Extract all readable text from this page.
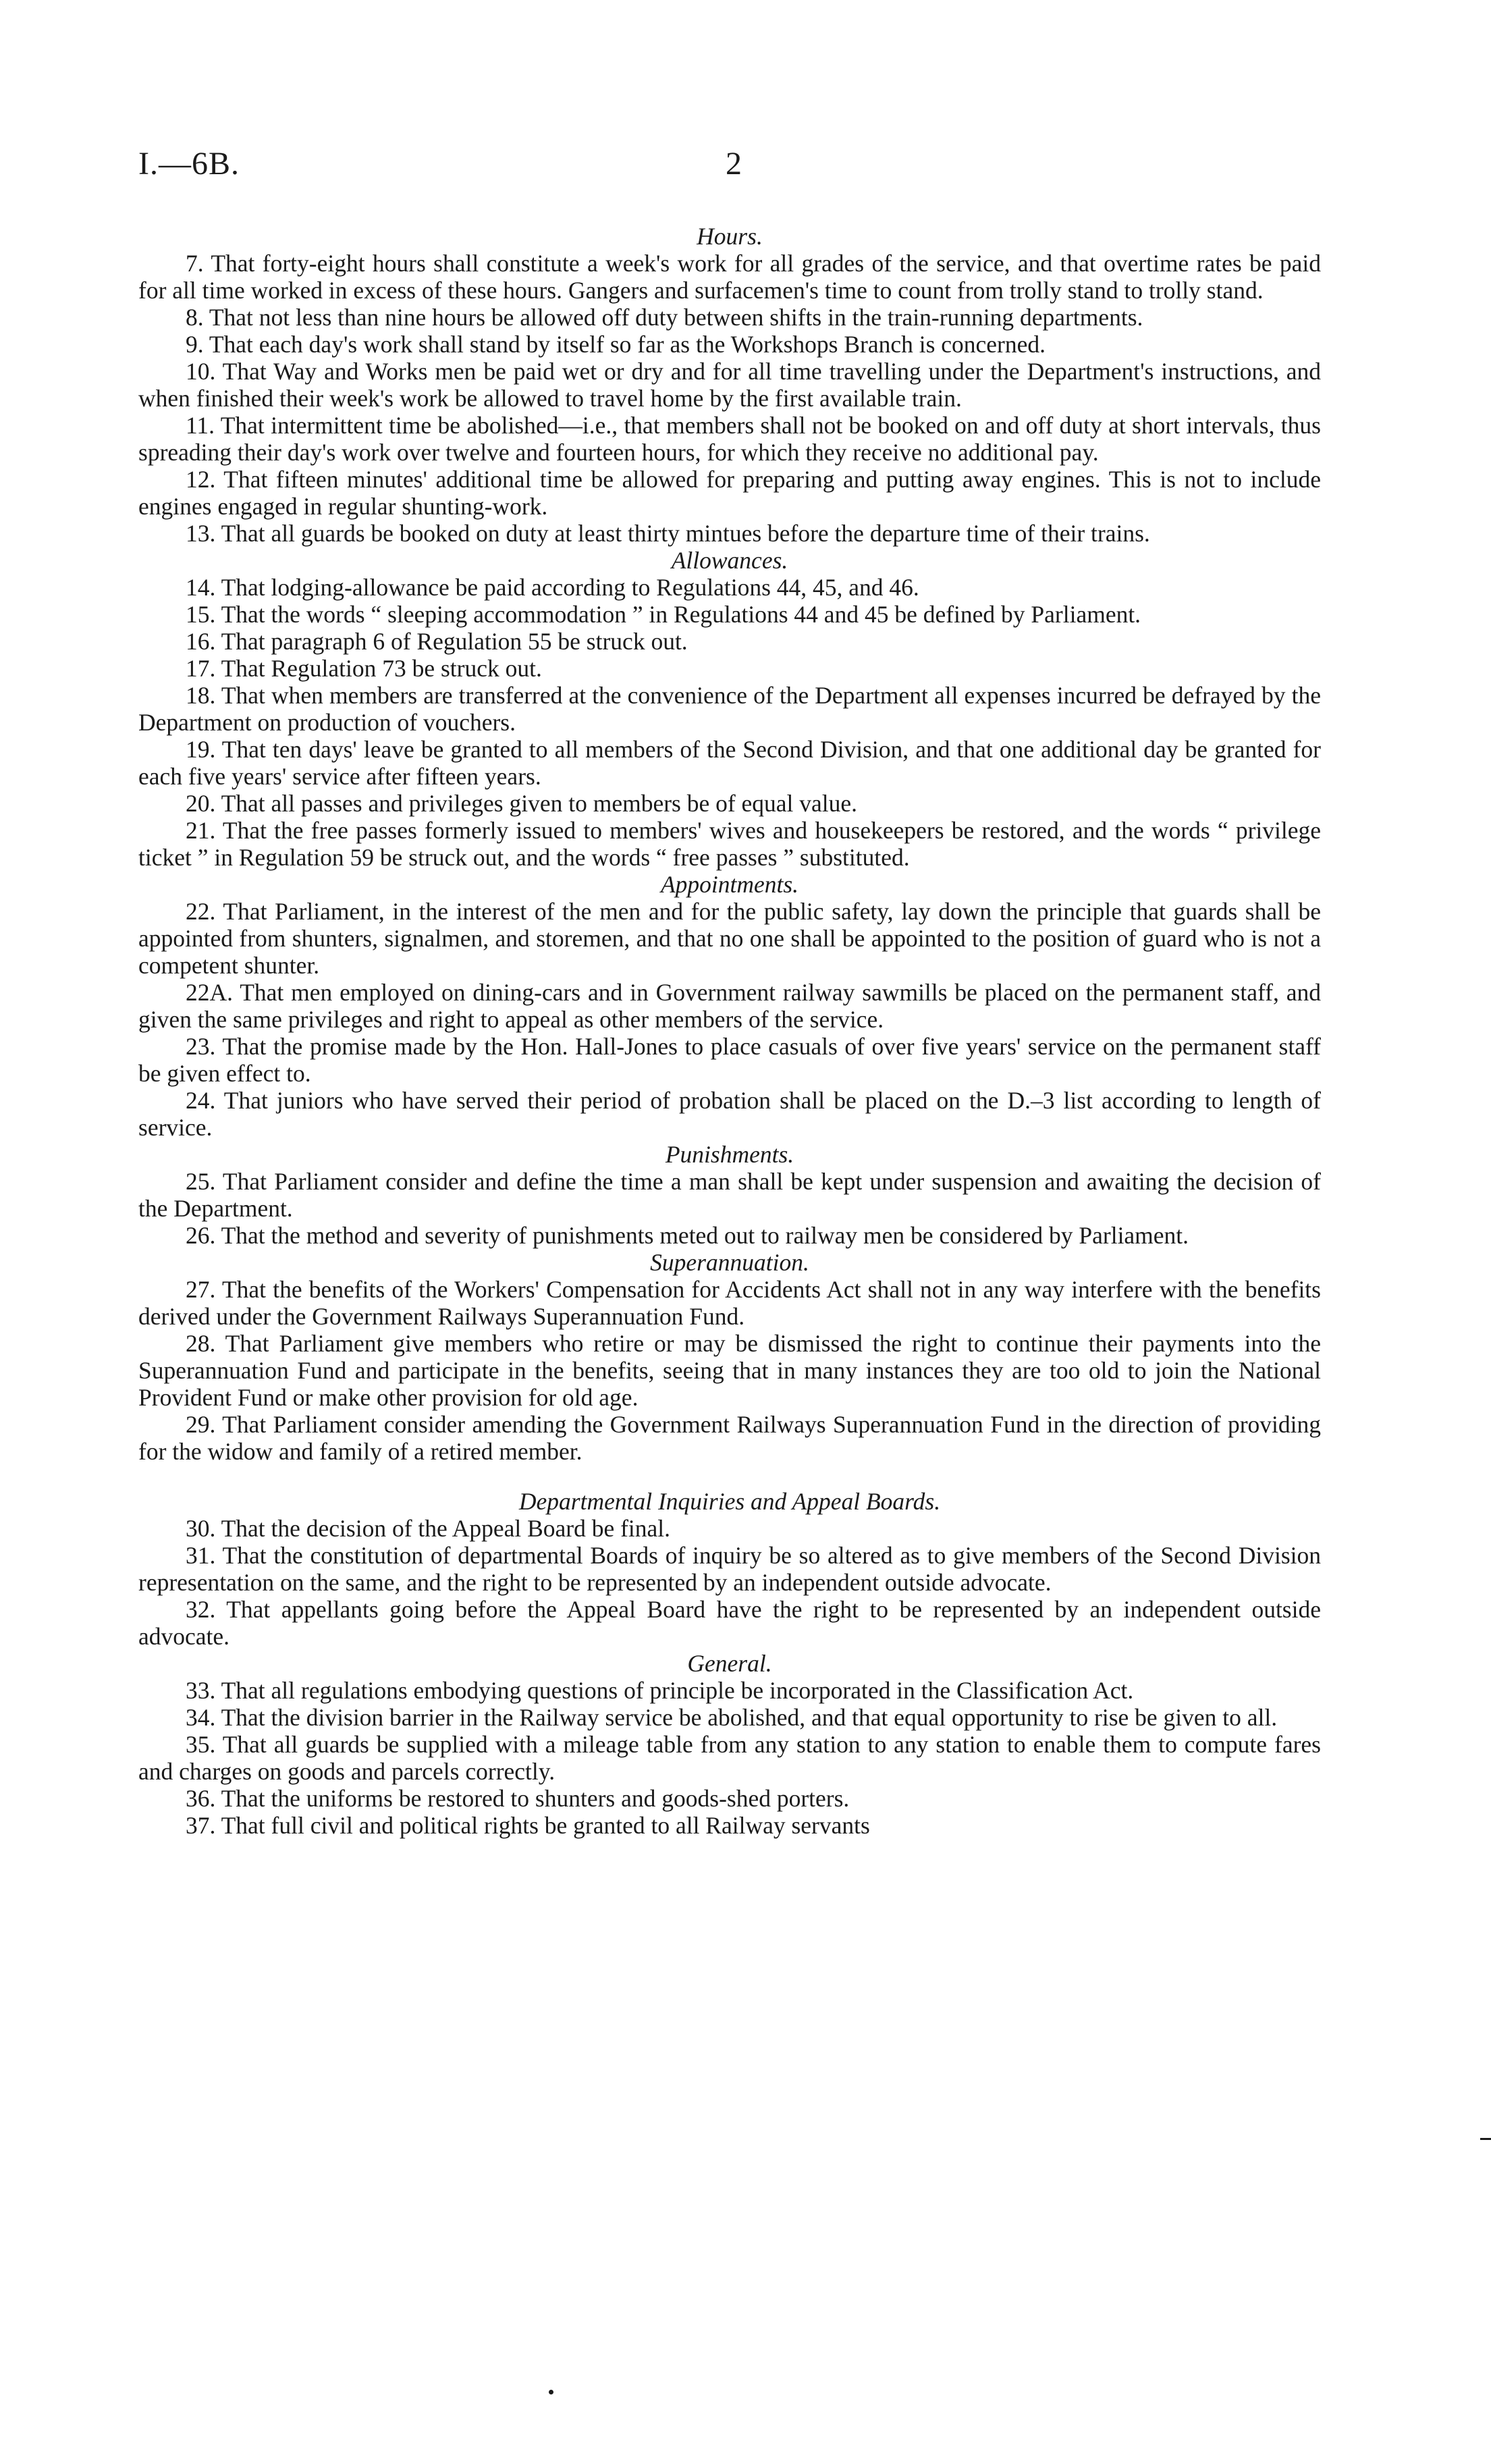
I.—6B.	2

Hours.

7. That forty-eight hours shall constitute a week's work for all grades of the service, and that overtime rates be paid for all time worked in excess of these hours. Gangers and surfacemen's time to count from trolly stand to trolly stand.

8. That not less than nine hours be allowed off duty between shifts in the train-running departments.

9. That each day's work shall stand by itself so far as the Workshops Branch is concerned.

10. That Way and Works men be paid wet or dry and for all time travelling under the Department's instructions, and when finished their week's work be allowed to travel home by the first available train.

11. That intermittent time be abolished—i.e., that members shall not be booked on and off duty at short intervals, thus spreading their day's work over twelve and fourteen hours, for which they receive no additional pay.

12. That fifteen minutes' additional time be allowed for preparing and putting away engines. This is not to include engines engaged in regular shunting-work.

13. That all guards be booked on duty at least thirty mintues before the departure time of their trains.

Allowances.

14. That lodging-allowance be paid according to Regulations 44, 45, and 46.

15. That the words “ sleeping accommodation ” in Regulations 44 and 45 be defined by Parliament.

16. That paragraph 6 of Regulation 55 be struck out.

17. That Regulation 73 be struck out.

18. That when members are transferred at the convenience of the Department all expenses incurred be defrayed by the Department on production of vouchers.

19. That ten days' leave be granted to all members of the Second Division, and that one additional day be granted for each five years' service after fifteen years.

20. That all passes and privileges given to members be of equal value.

21. That the free passes formerly issued to members' wives and housekeepers be restored, and the words “ privilege ticket ” in Regulation 59 be struck out, and the words “ free passes ” substituted.

Appointments.

22. That Parliament, in the interest of the men and for the public safety, lay down the principle that guards shall be appointed from shunters, signalmen, and storemen, and that no one shall be appointed to the position of guard who is not a competent shunter.

22A. That men employed on dining-cars and in Government railway sawmills be placed on the permanent staff, and given the same privileges and right to appeal as other members of the service.

23. That the promise made by the Hon. Hall-Jones to place casuals of over five years' service on the permanent staff be given effect to.

24. That juniors who have served their period of probation shall be placed on the D.–3 list according to length of service.

Punishments.

25. That Parliament consider and define the time a man shall be kept under suspension and awaiting the decision of the Department.

26. That the method and severity of punishments meted out to railway men be considered by Parliament.

Superannuation.

27. That the benefits of the Workers' Compensation for Accidents Act shall not in any way interfere with the benefits derived under the Government Railways Superannuation Fund.

28. That Parliament give members who retire or may be dismissed the right to continue their payments into the Superannuation Fund and participate in the benefits, seeing that in many instances they are too old to join the National Provident Fund or make other provision for old age.

29. That Parliament consider amending the Government Railways Superannuation Fund in the direction of providing for the widow and family of a retired member.

Departmental Inquiries and Appeal Boards.

30. That the decision of the Appeal Board be final.

31. That the constitution of departmental Boards of inquiry be so altered as to give members of the Second Division representation on the same, and the right to be represented by an independent outside advocate.

32. That appellants going before the Appeal Board have the right to be represented by an independent outside advocate.

General.

33. That all regulations embodying questions of principle be incorporated in the Classification Act.

34. That the division barrier in the Railway service be abolished, and that equal opportunity to rise be given to all.

35. That all guards be supplied with a mileage table from any station to any station to enable them to compute fares and charges on goods and parcels correctly.

36. That the uniforms be restored to shunters and goods-shed porters.

37. That full civil and political rights be granted to all Railway servants
